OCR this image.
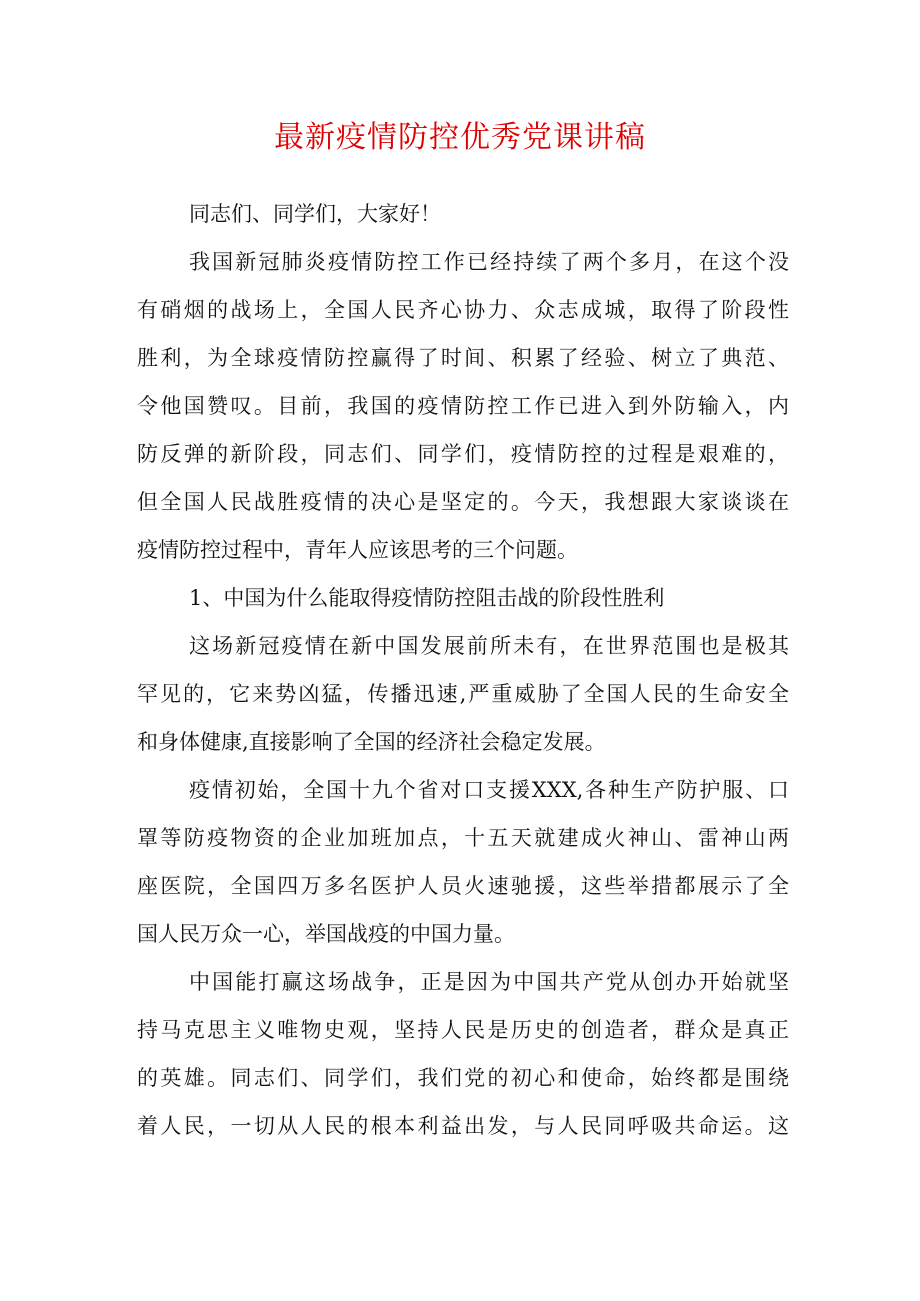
最新疫情防控优秀党课讲稿

同志们、同学们，大家好！

我国新冠肺炎疫情防控工作已经持续了两个多月，在这个没

有硝烟的战场上，全国人民齐心协力、众志成城，取得了阶段性

胜利，为全球疫情防控赢得了时间、积累了经验、树立了典范、

令他国赞叹。目前，我国的疫情防控工作已进入到外防输入，内

防反弹的新阶段，同志们、同学们，疫情防控的过程是艰难的，

但全国人民战胜疫情的决心是坚定的。今天，我想跟大家谈谈在

疫情防控过程中，青年人应该思考的三个问题。

1、中国为什么能取得疫情防控阻击战的阶段性胜利

这场新冠疫情在新中国发展前所未有，在世界范围也是极其

罕见的，它来势凶猛，传播迅速,严重威胁了全国人民的生命安全

和身体健康,直接影响了全国的经济社会稳定发展。

疫情初始，全国十九个省对口支援XXX,各种生产防护服、口

罩等防疫物资的企业加班加点，十五天就建成火神山、雷神山两

座医院，全国四万多名医护人员火速驰援，这些举措都展示了全

国人民万众一心，举国战疫的中国力量。

中国能打赢这场战争，正是因为中国共产党从创办开始就坚

持马克思主义唯物史观，坚持人民是历史的创造者，群众是真正

的英雄。同志们、同学们，我们党的初心和使命，始终都是围绕

着人民，一切从人民的根本利益出发，与人民同呼吸共命运。这
